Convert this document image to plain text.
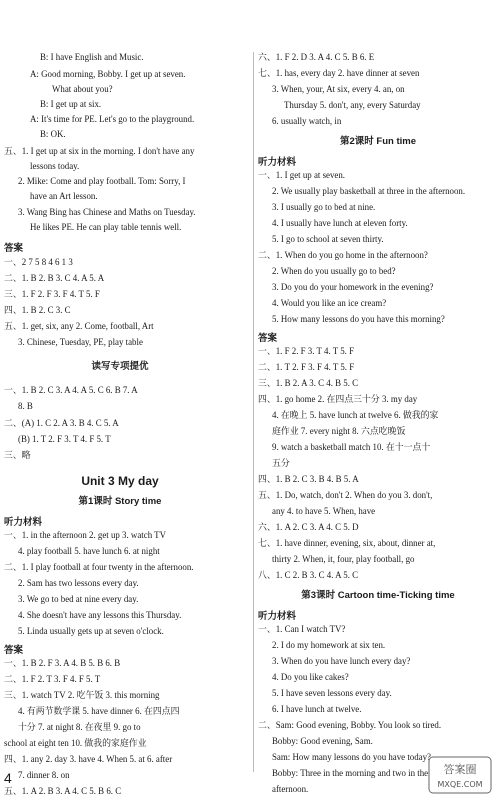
B: I have English and Music.
A: Good morning, Bobby. I get up at seven.
What about you?
B: I get up at six.
A: It's time for PE. Let's go to the playground.
B: OK.
五、1. I get up at six in the morning. I don't have any
lessons today.
2. Mike: Come and play football. Tom: Sorry, I
have an Art lesson.
3. Wang Bing has Chinese and Maths on Tuesday.
He likes PE. He can play table tennis well.
答案
一、2 7 5 8 4 6 1 3
二、1. B 2. B 3. C 4. A 5. A
三、1. F 2. F 3. F 4. T 5. F
四、1. B 2. C 3. C
五、1. get, six, any 2. Come, football, Art
3. Chinese, Tuesday, PE, play table
读写专项提优
一、1. B 2. C 3. A 4. A 5. C 6. B 7. A
8. B
二、(A) 1. C 2. A 3. B 4. C 5. A
(B) 1. T 2. F 3. T 4. F 5. T
三、略
Unit 3 My day
第1课时 Story time
听力材料
一、1. in the afternoon 2. get up 3. watch TV
4. play football 5. have lunch 6. at night
二、1. I play football at four twenty in the afternoon.
2. Sam has two lessons every day.
3. We go to bed at nine every day.
4. She doesn't have any lessons this Thursday.
5. Linda usually gets up at seven o'clock.
答案
一、1. B 2. F 3. A 4. B 5. B 6. B
二、1. F 2. T 3. F 4. F 5. T
三、1. watch TV 2. 吃午饭 3. this morning
4. 有两节数学课 5. have dinner 6. 在四点四
十分 7. at night 8. 在夜里 9. go to
school at eight ten 10. 做我的家庭作业
四、1. any 2. day 3. have 4. When 5. at 6. after
7. dinner 8. on
五、1. A 2. B 3. A 4. C 5. B 6. C
六、1. F 2. D 3. A 4. C 5. B 6. E
七、1. has, every day 2. have dinner at seven
3. When, your, At six, every 4. an, on
Thursday 5. don't, any, every Saturday
6. usually watch, in
第2课时 Fun time
听力材料
一、1. I get up at seven.
2. We usually play basketball at three in the afternoon.
3. I usually go to bed at nine.
4. I usually have lunch at eleven forty.
5. I go to school at seven thirty.
二、1. When do you go home in the afternoon?
2. When do you usually go to bed?
3. Do you do your homework in the evening?
4. Would you like an ice cream?
5. How many lessons do you have this morning?
答案
一、1. F 2. F 3. T 4. T 5. F
二、1. T 2. F 3. F 4. T 5. F
三、1. B 2. A 3. C 4. B 5. C
四、1. go home 2. 在四点三十分 3. my day
4. 在晚上 5. have lunch at twelve 6. 做我的家
庭作业 7. every night 8. 六点吃晚饭
9. watch a basketball match 10. 在十一点十
五分
四、1. B 2. C 3. B 4. B 5. A
五、1. Do, watch, don't 2. When do you 3. don't,
any 4. to have 5. When, have
六、1. A 2. C 3. A 4. C 5. D
七、1. have dinner, evening, six, about, dinner at,
thirty 2. When, it, four, play football, go
八、1. C 2. B 3. C 4. A 5. C
第3课时 Cartoon time-Ticking time
听力材料
一、1. Can I watch TV?
2. I do my homework at six ten.
3. When do you have lunch every day?
4. Do you like cakes?
5. I have seven lessons every day.
6. I have lunch at twelve.
二、Sam: Good evening, Bobby. You look so tired.
Bobby: Good evening, Sam.
Sam: How many lessons do you have today?
Bobby: Three in the morning and two in the
afternoon.
4
答案圈
MXQE.COM
